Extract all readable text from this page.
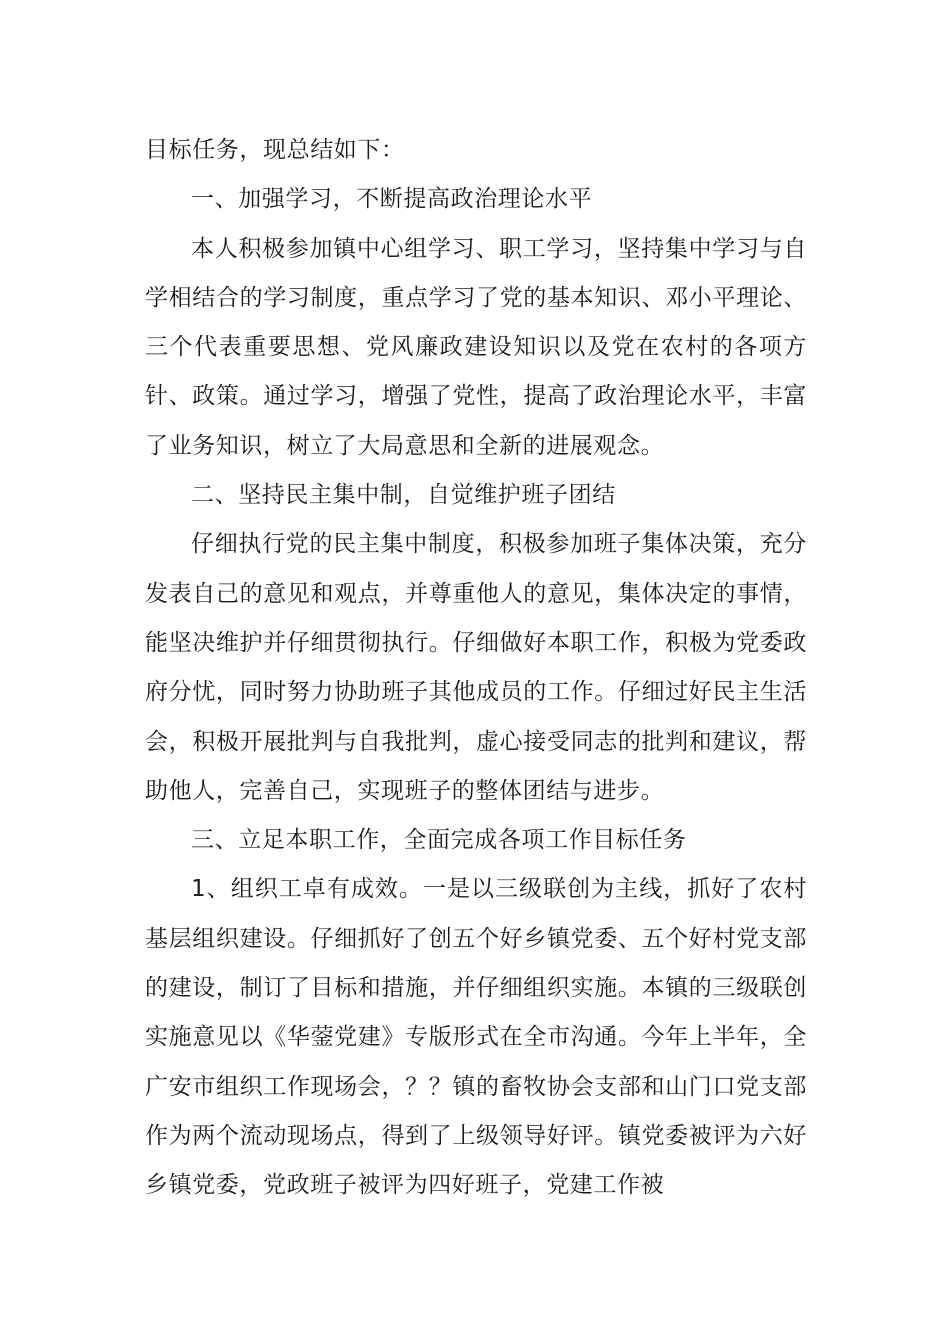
目标任务，现总结如下：

一、加强学习，不断提高政治理论水平

本人积极参加镇中心组学习、职工学习，坚持集中学习与自学相结合的学习制度，重点学习了党的基本知识、邓小平理论、三个代表重要思想、党风廉政建设知识以及党在农村的各项方针、政策。通过学习，增强了党性，提高了政治理论水平，丰富了业务知识，树立了大局意思和全新的进展观念。

二、坚持民主集中制，自觉维护班子团结

仔细执行党的民主集中制度，积极参加班子集体决策，充分发表自己的意见和观点，并尊重他人的意见，集体决定的事情，能坚决维护并仔细贯彻执行。仔细做好本职工作，积极为党委政府分忧，同时努力协助班子其他成员的工作。仔细过好民主生活会，积极开展批判与自我批判，虚心接受同志的批判和建议，帮助他人，完善自己，实现班子的整体团结与进步。

三、立足本职工作，全面完成各项工作目标任务

1、组织工卓有成效。一是以三级联创为主线，抓好了农村基层组织建设。仔细抓好了创五个好乡镇党委、五个好村党支部的建设，制订了目标和措施，并仔细组织实施。本镇的三级联创实施意见以《华蓥党建》专版形式在全市沟通。今年上半年，全广安市组织工作现场会，？？镇的畜牧协会支部和山门口党支部作为两个流动现场点，得到了上级领导好评。镇党委被评为六好乡镇党委，党政班子被评为四好班子，党建工作被
